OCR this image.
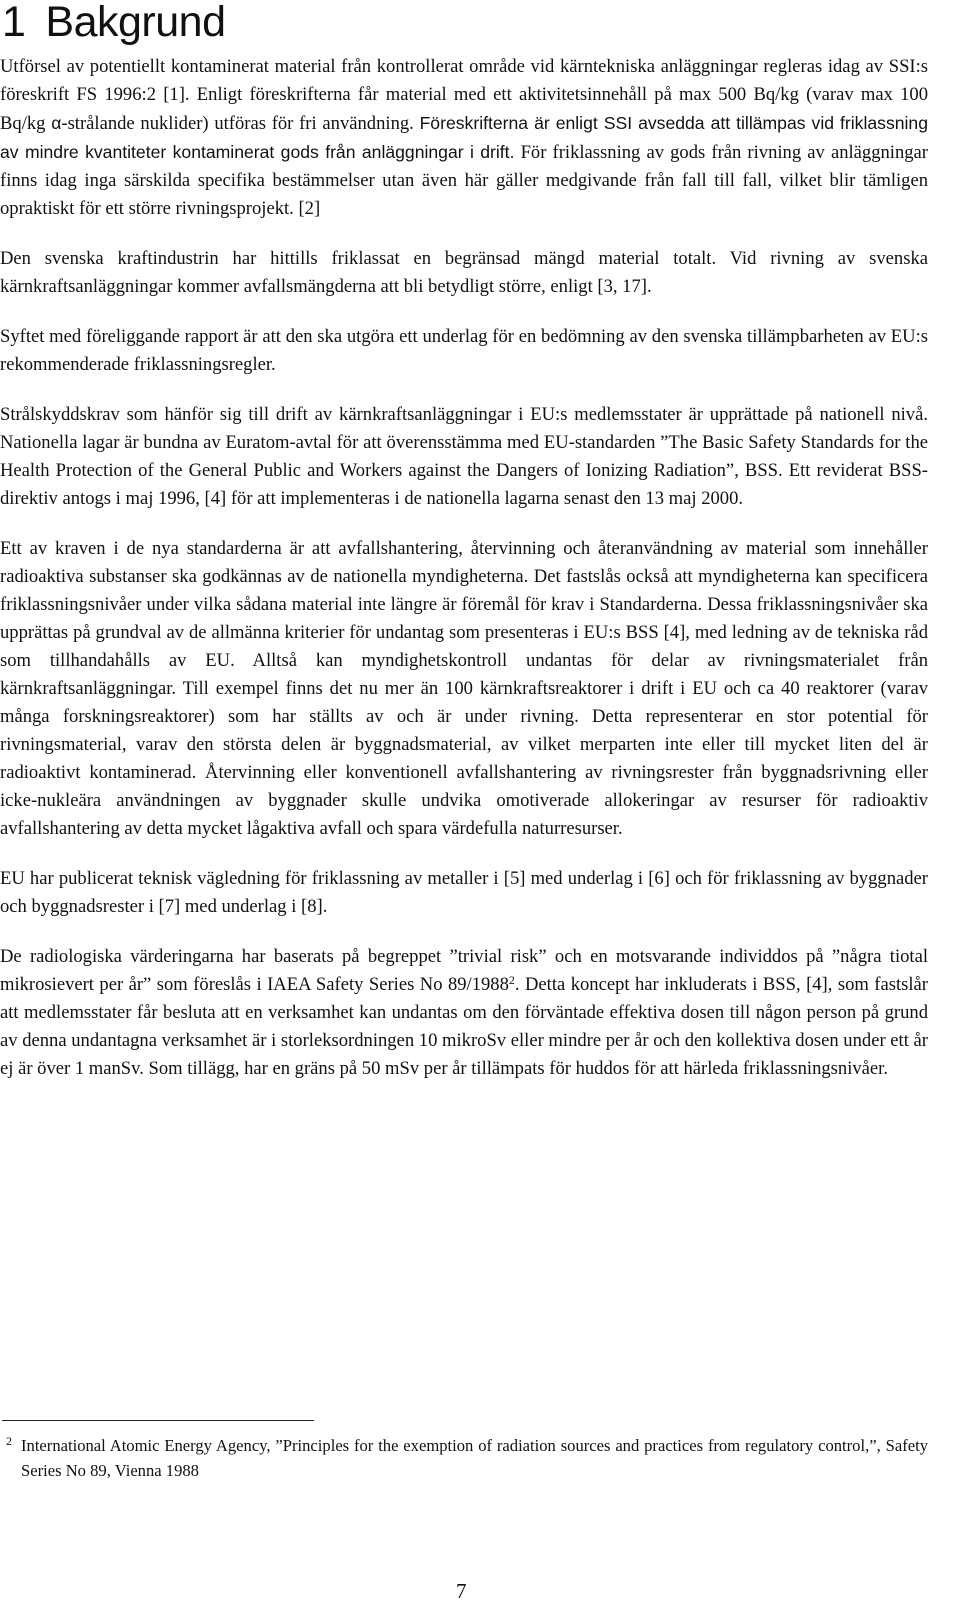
1 Bakgrund

Utförsel av potentiellt kontaminerat material från kontrollerat område vid kärntekniska anläggningar regleras idag av SSI:s föreskrift FS 1996:2 [1]. Enligt föreskrifterna får material med ett aktivitetsinnehåll på max 500 Bq/kg (varav max 100 Bq/kg α-strålande nuklider) utföras för fri användning. Föreskrifterna är enligt SSI avsedda att tillämpas vid friklassning av mindre kvantiteter kontaminerat gods från anläggningar i drift. För friklassning av gods från rivning av anläggningar finns idag inga särskilda specifika bestämmelser utan även här gäller medgivande från fall till fall, vilket blir tämligen opraktiskt för ett större rivningsprojekt. [2]

Den svenska kraftindustrin har hittills friklassat en begränsad mängd material totalt. Vid rivning av svenska kärnkraftsanläggningar kommer avfallsmängderna att bli betydligt större, enligt [3, 17].

Syftet med föreliggande rapport är att den ska utgöra ett underlag för en bedömning av den svenska tillämpbarheten av EU:s rekommenderade friklassningsregler.

Strålskyddskrav som hänför sig till drift av kärnkraftsanläggningar i EU:s medlemsstater är upprättade på nationell nivå. Nationella lagar är bundna av Euratom-avtal för att överensstämma med EU-standarden ”The Basic Safety Standards for the Health Protection of the General Public and Workers against the Dangers of Ionizing Radiation”, BSS. Ett reviderat BSS-direktiv antogs i maj 1996, [4] för att implementeras i de nationella lagarna senast den 13 maj 2000.

Ett av kraven i de nya standarderna är att avfallshantering, återvinning och återanvändning av material som innehåller radioaktiva substanser ska godkännas av de nationella myndigheterna. Det fastslås också att myndigheterna kan specificera friklassningsnivåer under vilka sådana material inte längre är föremål för krav i Standarderna. Dessa friklassningsnivåer ska upprättas på grundval av de allmänna kriterier för undantag som presenteras i EU:s BSS [4], med ledning av de tekniska råd som tillhandahålls av EU. Alltså kan myndighetskontroll undantas för delar av rivningsmaterialet från kärnkraftsanläggningar. Till exempel finns det nu mer än 100 kärnkraftsreaktorer i drift i EU och ca 40 reaktorer (varav många forskningsreaktorer) som har ställts av och är under rivning. Detta representerar en stor potential för rivningsmaterial, varav den största delen är byggnadsmaterial, av vilket merparten inte eller till mycket liten del är radioaktivt kontaminerad. Återvinning eller konventionell avfallshantering av rivningsrester från byggnadsrivning eller icke-nukleära användningen av byggnader skulle undvika omotiverade allokeringar av resurser för radioaktiv avfallshantering av detta mycket lågaktiva avfall och spara värdefulla naturresurser.

EU har publicerat teknisk vägledning för friklassning av metaller i [5] med underlag i [6] och för friklassning av byggnader och byggnadsrester i [7] med underlag i [8].

De radiologiska värderingarna har baserats på begreppet ”trivial risk” och en motsvarande individdos på ”några tiotal mikrosievert per år” som föreslås i IAEA Safety Series No 89/1988$^2$. Detta koncept har inkluderats i BSS, [4], som fastslår att medlemsstater får besluta att en verksamhet kan undantas om den förväntade effektiva dosen till någon person på grund av denna undantagna verksamhet är i storleksordningen 10 mikroSv eller mindre per år och den kollektiva dosen under ett år ej är över 1 manSv. Som tillägg, har en gräns på 50 mSv per år tillämpats för huddos för att härleda friklassningsnivåer.

2 International Atomic Energy Agency, ”Principles for the exemption of radiation sources and practices from regulatory control,”, Safety Series No 89, Vienna 1988
7
